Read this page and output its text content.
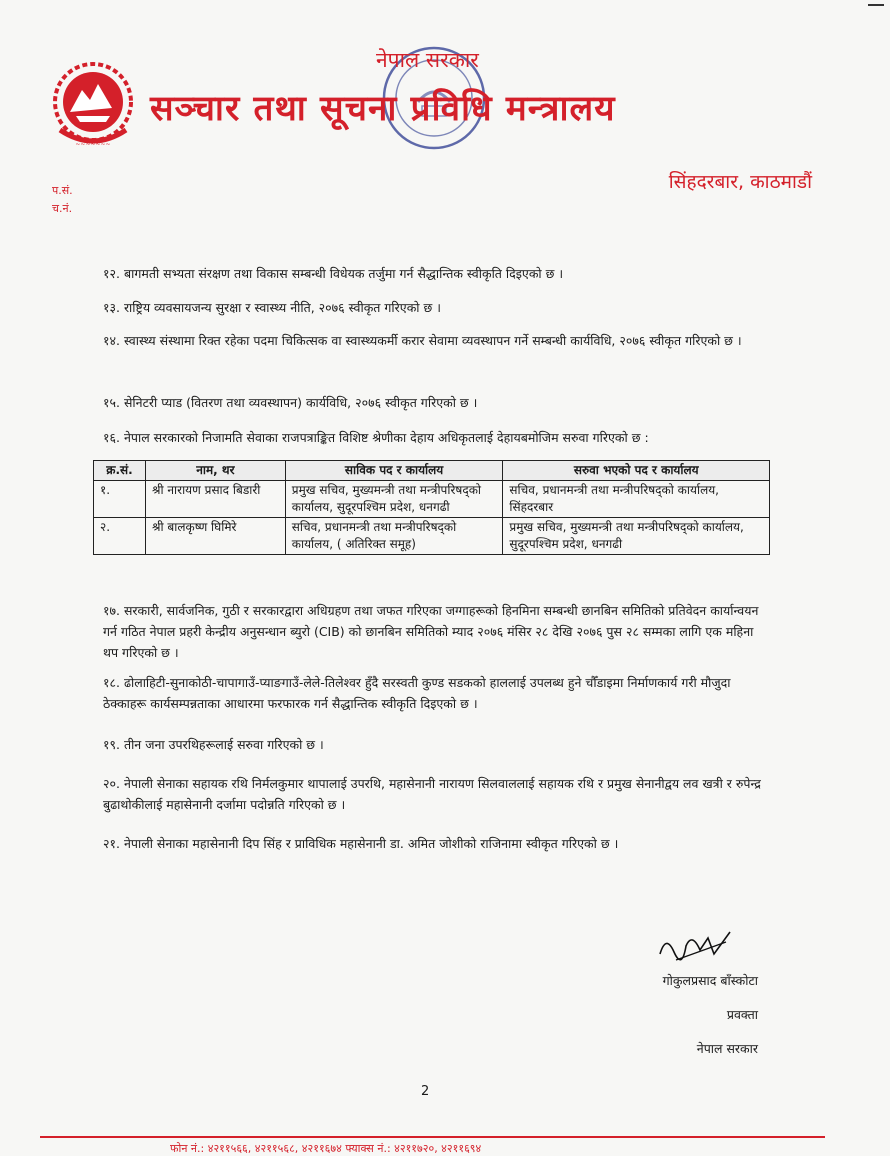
~~~~~~~
नेपाल सरकार
सञ्चार तथा सूचना प्रविधि मन्त्रालय
सिंहदरबार, काठमाडौं
प.सं.
च.नं.
१२. बागमती सभ्यता संरक्षण तथा विकास सम्बन्धी विधेयक तर्जुमा गर्न सैद्धान्तिक स्वीकृति दिइएको छ ।
१३. राष्ट्रिय व्यवसायजन्य सुरक्षा र स्वास्थ्य नीति, २०७६ स्वीकृत गरिएको छ ।
१४. स्वास्थ्य संस्थामा रिक्त रहेका पदमा चिकित्सक वा स्वास्थ्यकर्मी करार सेवामा व्यवस्थापन गर्ने सम्बन्धी कार्यविधि, २०७६ स्वीकृत गरिएको छ ।
१५. सेनिटरी प्याड (वितरण तथा व्यवस्थापन) कार्यविधि, २०७६ स्वीकृत गरिएको छ ।
१६. नेपाल सरकारको निजामति सेवाका राजपत्राङ्कित विशिष्ट श्रेणीका देहाय अधिकृतलाई देहायबमोजिम सरुवा गरिएको छ :
क्र.सं.	नाम, थर	साविक पद र कार्यालय	सरुवा भएको पद र कार्यालय
१.	श्री नारायण प्रसाद बिडारी	प्रमुख सचिव, मुख्यमन्त्री तथा मन्त्रीपरिषद्को कार्यालय, सुदूरपश्चिम प्रदेश, धनगढी	सचिव, प्रधानमन्त्री तथा मन्त्रीपरिषद्को कार्यालय, सिंहदरबार
२.	श्री बालकृष्ण घिमिरे	सचिव, प्रधानमन्त्री तथा मन्त्रीपरिषद्को कार्यालय, ( अतिरिक्त समूह)	प्रमुख सचिव, मुख्यमन्त्री तथा मन्त्रीपरिषद्को कार्यालय, सुदूरपश्चिम प्रदेश, धनगढी
१७. सरकारी, सार्वजनिक, गुठी र सरकारद्वारा अधिग्रहण तथा जफत गरिएका जग्गाहरूको हिनमिना सम्बन्धी छानबिन समितिको प्रतिवेदन कार्यान्वयन गर्न गठित नेपाल प्रहरी केन्द्रीय अनुसन्धान ब्युरो (CIB) को छानबिन समितिको म्याद २०७६ मंसिर २८ देखि २०७६ पुस २८ सम्मका लागि एक महिना थप गरिएको छ ।
१८. ढोलाहिटी-सुनाकोठी-चापागाउँ-प्याङगाउँ-लेले-तिलेश्वर हुँदै सरस्वती कुण्ड सडकको हाललाई उपलब्ध हुने चौँडाइमा निर्माणकार्य गरी मौजुदा ठेक्काहरू कार्यसम्पन्नताका आधारमा फरफारक गर्न सैद्धान्तिक स्वीकृति दिइएको छ ।
१९. तीन जना उपरथिहरूलाई सरुवा गरिएको छ ।
२०. नेपाली सेनाका सहायक रथि निर्मलकुमार थापालाई उपरथि, महासेनानी नारायण सिलवाललाई सहायक रथि र प्रमुख सेनानीद्वय लव खत्री र रुपेन्द्र बुढाथोकीलाई महासेनानी दर्जामा पदोन्नति गरिएको छ ।
२१. नेपाली सेनाका महासेनानी दिप सिंह र प्राविधिक महासेनानी डा. अमित जोशीको राजिनामा स्वीकृत गरिएको छ ।
गोकुलप्रसाद बाँस्कोटा
प्रवक्ता
नेपाल सरकार
2
फोन नं.: ४२११५६६, ४२११५६८, ४२११६७४ फ्याक्स नं.: ४२११७२०, ४२११६९४
